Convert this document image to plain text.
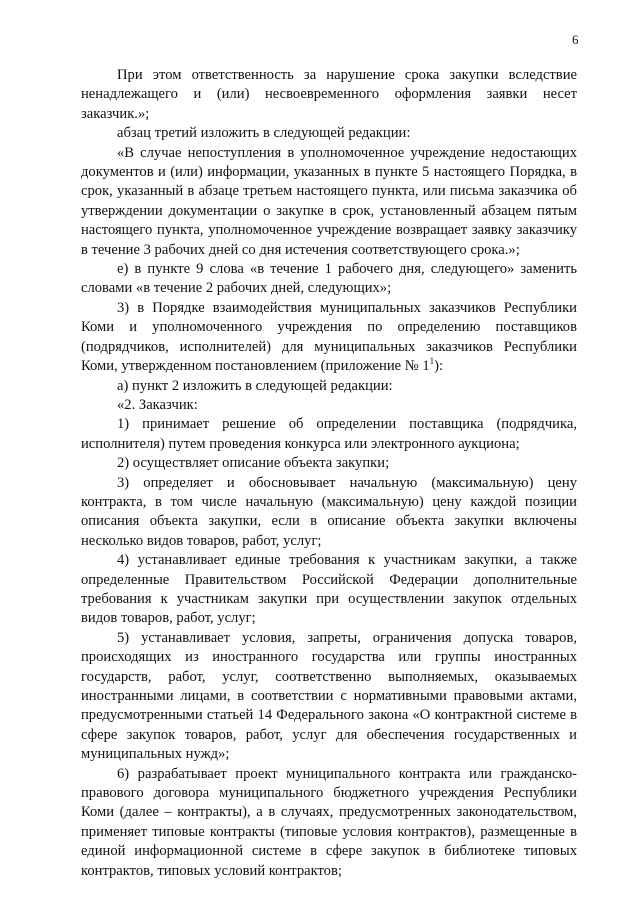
6

При этом ответственность за нарушение срока закупки вследствие ненадлежащего и (или) несвоевременного оформления заявки несет заказчик.»;

абзац третий изложить в следующей редакции:

«В случае непоступления в уполномоченное учреждение недостающих документов и (или) информации, указанных в пункте 5 настоящего Порядка, в срок, указанный в абзаце третьем настоящего пункта, или письма заказчика об утверждении документации о закупке в срок, установленный абзацем пятым настоящего пункта, уполномоченное учреждение возвращает заявку заказчику в течение 3 рабочих дней со дня истечения соответствующего срока.»;

е) в пункте 9 слова «в течение 1 рабочего дня, следующего» заменить словами «в течение 2 рабочих дней, следующих»;

3) в Порядке взаимодействия муниципальных заказчиков Республики Коми и уполномоченного учреждения по определению поставщиков (подрядчиков, исполнителей) для муниципальных заказчиков Республики Коми, утвержденном постановлением (приложение № $1^1$):

а) пункт 2 изложить в следующей редакции:

«2. Заказчик:

1) принимает решение об определении поставщика (подрядчика, исполнителя) путем проведения конкурса или электронного аукциона;

2) осуществляет описание объекта закупки;

3) определяет и обосновывает начальную (максимальную) цену контракта, в том числе начальную (максимальную) цену каждой позиции описания объекта закупки, если в описание объекта закупки включены несколько видов товаров, работ, услуг;

4) устанавливает единые требования к участникам закупки, а также определенные Правительством Российской Федерации дополнительные требования к участникам закупки при осуществлении закупок отдельных видов товаров, работ, услуг;

5) устанавливает условия, запреты, ограничения допуска товаров, происходящих из иностранного государства или группы иностранных государств, работ, услуг, соответственно выполняемых, оказываемых иностранными лицами, в соответствии с нормативными правовыми актами, предусмотренными статьей 14 Федерального закона «О контрактной системе в сфере закупок товаров, работ, услуг для обеспечения государственных и муниципальных нужд»;

6) разрабатывает проект муниципального контракта или гражданско-правового договора муниципального бюджетного учреждения Республики Коми (далее – контракты), а в случаях, предусмотренных законодательством, применяет типовые контракты (типовые условия контрактов), размещенные в единой информационной системе в сфере закупок в библиотеке типовых контрактов, типовых условий контрактов;
